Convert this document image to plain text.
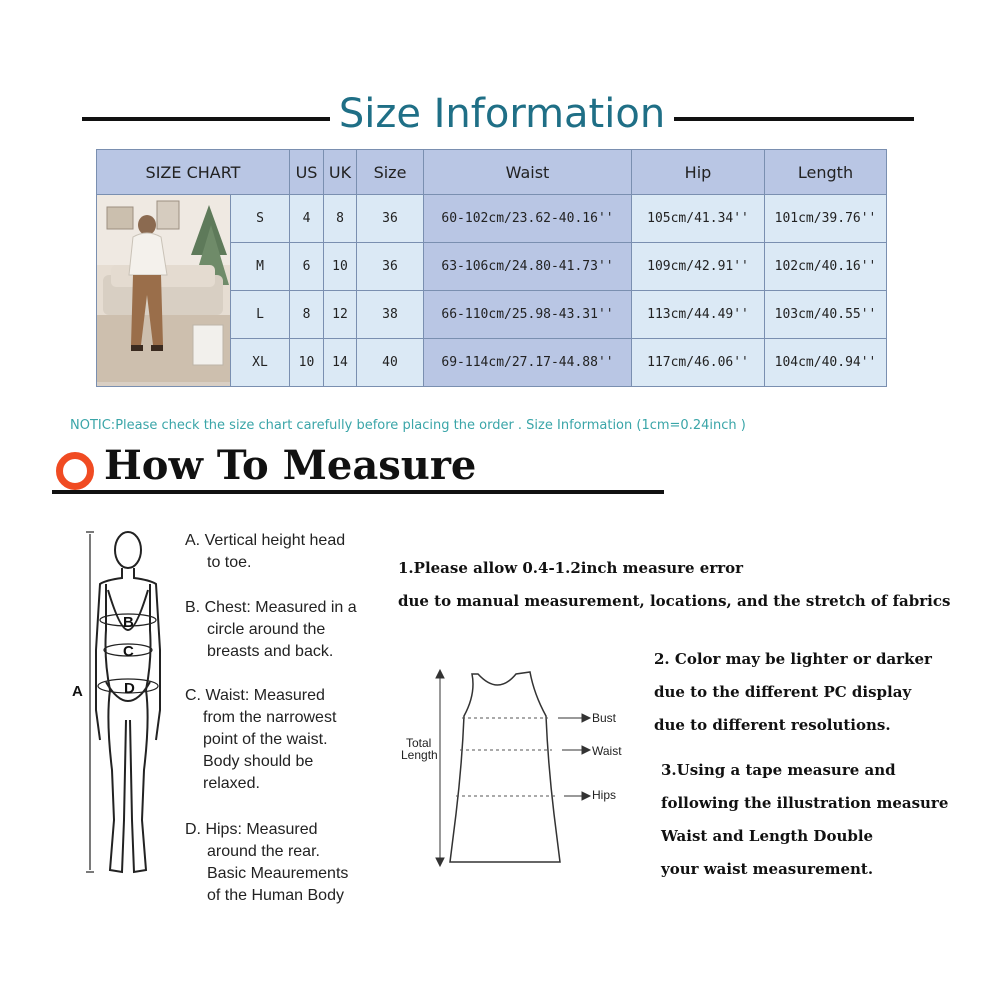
Size Information
SIZE CHART		US	UK	Size	Waist	Hip	Length
	S	4	8	36	60-102cm/23.62-40.16''	105cm/41.34''	101cm/39.76''
	M	6	10	36	63-106cm/24.80-41.73''	109cm/42.91''	102cm/40.16''
	L	8	12	38	66-110cm/25.98-43.31''	113cm/44.49''	103cm/40.55''
	XL	10	14	40	69-114cm/27.17-44.88''	117cm/46.06''	104cm/40.94''
NOTIC:Please check the size chart carefully before placing the order . Size Information (1cm=0.24inch )
How To Measure
A
B
C
D
A. Vertical height head
to toe.
B. Chest: Measured in a
circle around the
breasts and back.
C. Waist: Measured
from the narrowest
point of the waist.
Body should be
relaxed.
D. Hips: Measured
around the rear.
Basic Meaurements
of the Human Body
1.Please allow 0.4-1.2inch measure error
due to manual measurement, locations, and the stretch of fabrics
2. Color may be lighter or darker
due to the different PC display
due to different resolutions.
3.Using a tape measure and
following the illustration measure
Waist and Length Double
your waist measurement.
Total
Length
Bust
Waist
Hips
